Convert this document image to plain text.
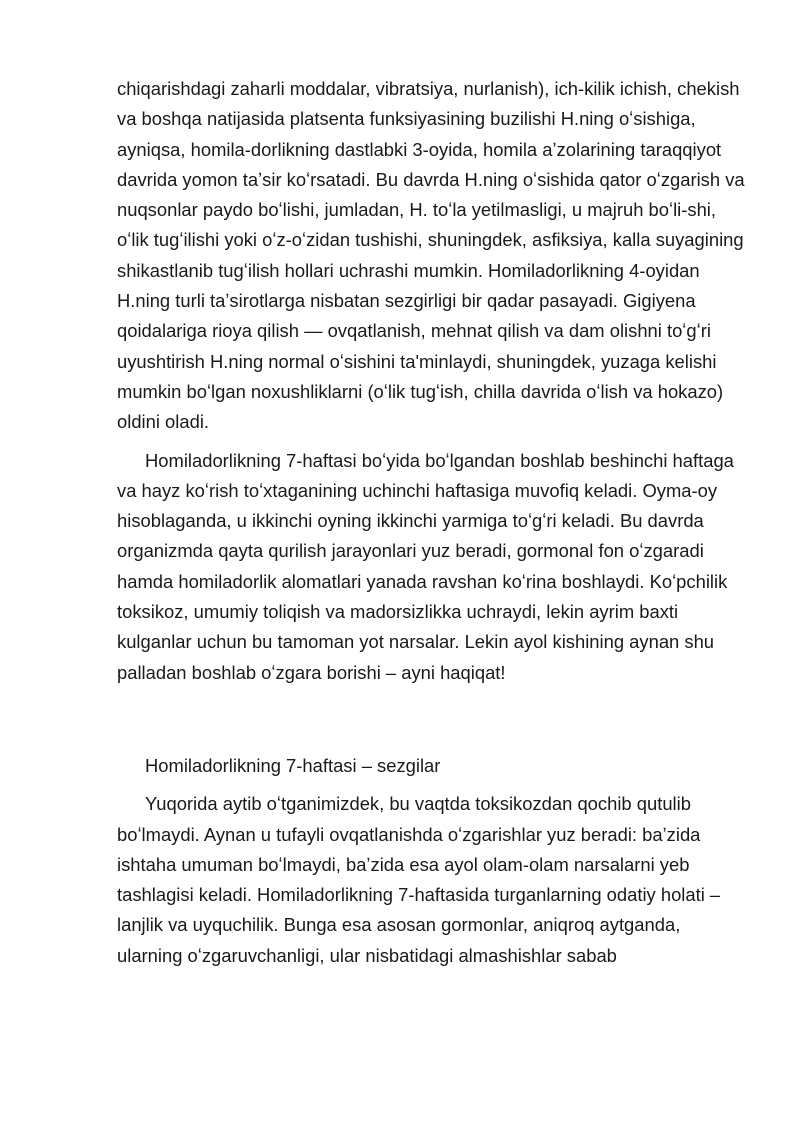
chiqarishdagi zaharli moddalar, vibratsiya, nurlanish), ich-kilik ichish, chekish va boshqa natijasida platsenta funksiyasining buzilishi H.ning oʻsishiga, ayniqsa, homila-dorlikning dastlabki 3-oyida, homila aʼzolarining taraqqiyot davrida yomon taʼsir koʻrsatadi. Bu davrda H.ning oʻsishida qator oʻzgarish va nuqsonlar paydo boʻlishi, jumladan, H. toʻla yetilmasligi, u majruh boʻli-shi, oʻlik tugʻilishi yoki oʻz-oʻzidan tushishi, shuningdek, asfiksiya, kalla suyagining shikastlanib tugʻilish hollari uchrashi mumkin. Homiladorlikning 4-oyidan H.ning turli taʼsirotlarga nisbatan sezgirligi bir qadar pasayadi. Gigiyena qoidalariga rioya qilish — ovqatlanish, mehnat qilish va dam olishni toʻgʻri uyushtirish H.ning normal oʻsishini ta'minlaydi, shuningdek, yuzaga kelishi mumkin boʻlgan noxushliklarni (oʻlik tugʻish, chilla davrida oʻlish va hokazo) oldini oladi.

Homiladorlikning 7-haftasi boʻyida boʻlgandan boshlab beshinchi haftaga va hayz koʻrish toʻxtaganining uchinchi haftasiga muvofiq keladi. Oyma-oy hisoblaganda, u ikkinchi oyning ikkinchi yarmiga toʻgʻri keladi. Bu davrda organizmda qayta qurilish jarayonlari yuz beradi, gormonal fon oʻzgaradi hamda homiladorlik alomatlari yanada ravshan koʻrina boshlaydi. Koʻpchilik toksikoz, umumiy toliqish va madorsizlikka uchraydi, lekin ayrim baxti kulganlar uchun bu tamoman yot narsalar. Lekin ayol kishining aynan shu palladan boshlab oʻzgara borishi – ayni haqiqat!

Homiladorlikning 7-haftasi – sezgilar

Yuqorida aytib oʻtganimizdek, bu vaqtda toksikozdan qochib qutulib boʻlmaydi. Aynan u tufayli ovqatlanishda oʻzgarishlar yuz beradi: baʼzida ishtaha umuman boʻlmaydi, baʼzida esa ayol olam-olam narsalarni yeb tashlagisi keladi. Homiladorlikning 7-haftasida turganlarning odatiy holati – lanjlik va uyquchilik. Bunga esa asosan gormonlar, aniqroq aytganda, ularning oʻzgaruvchanligi, ular nisbatidagi almashishlar sabab
